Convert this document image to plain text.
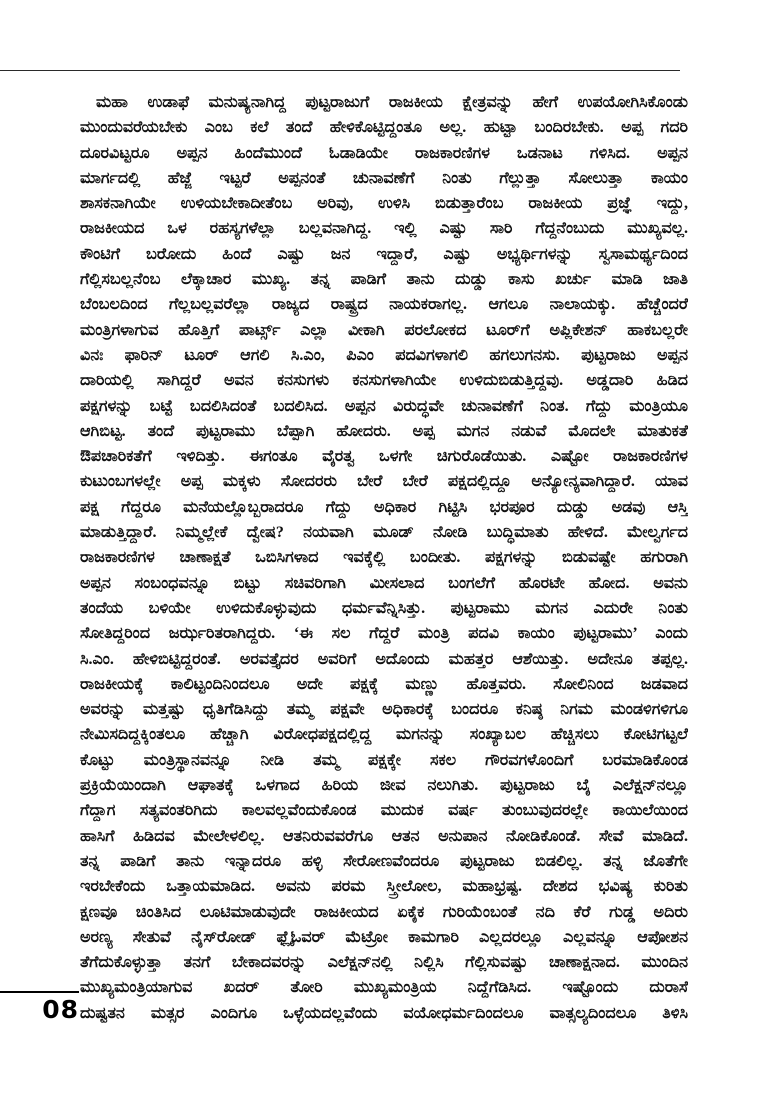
ಮಹಾ ಉಡಾಫೆ ಮನುಷ್ಯನಾಗಿದ್ದ ಪುಟ್ಟರಾಜುಗೆ ರಾಜಕೀಯ ಕ್ಷೇತ್ರವನ್ನು ಹೇಗೆ ಉಪಯೋಗಿಸಿಕೊಂಡು
ಮುಂದುವರೆಯಬೇಕು ಎಂಬ ಕಲೆ ತಂದೆ ಹೇಳಿಕೊಟ್ಟಿದ್ದಂತೂ ಅಲ್ಲ. ಹುಟ್ಟಾ ಬಂದಿರಬೇಕು. ಅಪ್ಪ ಗದರಿ
ದೂರವಿಟ್ಟರೂ ಅಪ್ಪನ ಹಿಂದೆಮುಂದೆ ಓಡಾಡಿಯೇ ರಾಜಕಾರಣಿಗಳ ಒಡನಾಟ ಗಳಿಸಿದ. ಅಪ್ಪನ
ಮಾರ್ಗದಲ್ಲಿ ಹೆಜ್ಜೆ ಇಟ್ಟರೆ ಅಪ್ಪನಂತೆ ಚುನಾವಣೆಗೆ ನಿಂತು ಗೆಲ್ಲುತ್ತಾ ಸೋಲುತ್ತಾ ಕಾಯಂ
ಶಾಸಕನಾಗಿಯೇ ಉಳಿಯಬೇಕಾದೀತೆಂಬ ಅರಿವು, ಉಳಿಸಿ ಬಿಡುತ್ತಾರೆಂಬ ರಾಜಕೀಯ ಪ್ರಜ್ಞೆ ಇದ್ದು,
ರಾಜಕೀಯದ ಒಳ ರಹಸ್ಯಗಳೆಲ್ಲಾ ಬಲ್ಲವನಾಗಿದ್ದ. ಇಲ್ಲಿ ಎಷ್ಟು ಸಾರಿ ಗೆದ್ದನೆಂಬುದು ಮುಖ್ಯವಲ್ಲ.
ಕೌಂಟಿಗೆ ಬರೋದು ಹಿಂದೆ ಎಷ್ಟು ಜನ ಇದ್ದಾರೆ, ಎಷ್ಟು ಅಭ್ಯರ್ಥಿಗಳನ್ನು ಸ್ವಸಾಮರ್ಥ್ಯದಿಂದ
ಗೆಲ್ಲಿಸಬಲ್ಲನೆಂಬ ಲೆಕ್ಕಾಚಾರ ಮುಖ್ಯ. ತನ್ನ ಪಾಡಿಗೆ ತಾನು ದುಡ್ಡು ಕಾಸು ಖರ್ಚು ಮಾಡಿ ಜಾತಿ
ಬೆಂಬಲದಿಂದ ಗೆಲ್ಲಬಲ್ಲವರೆಲ್ಲಾ ರಾಜ್ಯದ ರಾಷ್ಟ್ರದ ನಾಯಕರಾಗಲ್ಲ. ಆಗಲೂ ನಾಲಾಯಕ್ಕು. ಹೆಚ್ಚೆಂದರೆ
ಮಂತ್ರಿಗಳಾಗುವ ಹೊತ್ತಿಗೆ ಪಾರ್ಟ್ಸ್ ಎಲ್ಲಾ ವೀಕಾಗಿ ಪರಲೋಕದ ಟೂರ್‌ಗೆ ಅಪ್ಲಿಕೇಶನ್ ಹಾಕಬಲ್ಲರೇ
ವಿನಃ ಫಾರಿನ್ ಟೂರ್ ಆಗಲಿ ಸಿ.ಎಂ, ಪಿಎಂ ಪದವಿಗಳಾಗಲಿ ಹಗಲುಗನಸು. ಪುಟ್ಟರಾಜು ಅಪ್ಪನ
ದಾರಿಯಲ್ಲಿ ಸಾಗಿದ್ದರೆ ಅವನ ಕನಸುಗಳು ಕನಸುಗಳಾಗಿಯೇ ಉಳಿದುಬಿಡುತ್ತಿದ್ದವು. ಅಡ್ಡದಾರಿ ಹಿಡಿದ
ಪಕ್ಷಗಳನ್ನು ಬಟ್ಟೆ ಬದಲಿಸಿದಂತೆ ಬದಲಿಸಿದ. ಅಪ್ಪನ ವಿರುದ್ಧವೇ ಚುನಾವಣೆಗೆ ನಿಂತ. ಗೆದ್ದು ಮಂತ್ರಿಯೂ
ಆಗಿಬಿಟ್ಟ. ತಂದೆ ಪುಟ್ಟರಾಮು ಬೆಪ್ಪಾಗಿ ಹೋದರು. ಅಪ್ಪ ಮಗನ ನಡುವೆ ಮೊದಲೇ ಮಾತುಕತೆ
ಔಪಚಾರಿಕತೆಗೆ ಇಳಿದಿತ್ತು. ಈಗಂತೂ ವೈರತ್ವ ಒಳಗೇ ಚಿಗುರೊಡೆಯಿತು. ಎಷ್ಟೋ ರಾಜಕಾರಣಿಗಳ
ಕುಟುಂಬಗಳಲ್ಲೇ ಅಪ್ಪ ಮಕ್ಕಳು ಸೋದರರು ಬೇರೆ ಬೇರೆ ಪಕ್ಷದಲ್ಲಿದ್ದೂ ಅನ್ಯೋನ್ಯವಾಗಿದ್ದಾರೆ. ಯಾವ
ಪಕ್ಷ ಗೆದ್ದರೂ ಮನೆಯಲ್ಲೊಬ್ಬರಾದರೂ ಗೆದ್ದು ಅಧಿಕಾರ ಗಿಟ್ಟಿಸಿ ಭರಪೂರ ದುಡ್ಡು ಅಡವು ಆಸ್ತಿ
ಮಾಡುತ್ತಿದ್ದಾರೆ. ನಿಮ್ಮಲ್ಲೇಕೆ ದ್ವೇಷ? ನಯವಾಗಿ ಮೂಡ್ ನೋಡಿ ಬುದ್ಧಿಮಾತು ಹೇಳಿದೆ. ಮೇಲ್ವರ್ಗದ
ರಾಜಕಾರಣಿಗಳ ಚಾಣಾಕ್ಷತೆ ಒಬಿಸಿಗಳಾದ ಇವಕ್ಕೆಲ್ಲಿ ಬಂದೀತು. ಪಕ್ಷಗಳನ್ನು ಬಿಡುವಷ್ಟೇ ಹಗುರಾಗಿ
ಅಪ್ಪನ ಸಂಬಂಧವನ್ನೂ ಬಿಟ್ಟು ಸಚಿವರಿಗಾಗಿ ಮೀಸಲಾದ ಬಂಗಲೆಗೆ ಹೊರಟೇ ಹೋದ. ಅವನು
ತಂದೆಯ ಬಳಿಯೇ ಉಳಿದುಕೊಳ್ಳುವುದು ಧರ್ಮವೆನ್ನಿಸಿತ್ತು. ಪುಟ್ಟರಾಮು ಮಗನ ಎದುರೇ ನಿಂತು
ಸೋತಿದ್ದರಿಂದ ಜರ್ಝರಿತರಾಗಿದ್ದರು. ‘ಈ ಸಲ ಗೆದ್ದರೆ ಮಂತ್ರಿ ಪದವಿ ಕಾಯಂ ಪುಟ್ಟರಾಮು’ ಎಂದು
ಸಿ.ಎಂ. ಹೇಳಿಬಿಟ್ಟಿದ್ದರಂತೆ. ಅರವತ್ತೈದರ ಅವರಿಗೆ ಅದೊಂದು ಮಹತ್ತರ ಆಶೆಯಿತ್ತು. ಅದೇನೂ ತಪ್ಪಲ್ಲ.
ರಾಜಕೀಯಕ್ಕೆ ಕಾಲಿಟ್ಟಂದಿನಿಂದಲೂ ಅದೇ ಪಕ್ಷಕ್ಕೆ ಮಣ್ಣು ಹೊತ್ತವರು. ಸೋಲಿನಿಂದ ಜಡವಾದ
ಅವರನ್ನು ಮತ್ತಷ್ಟು ಧೃತಿಗೆಡಿಸಿದ್ದು ತಮ್ಮ ಪಕ್ಷವೇ ಅಧಿಕಾರಕ್ಕೆ ಬಂದರೂ ಕನಿಷ್ಠ ನಿಗಮ ಮಂಡಳಿಗಳಿಗೂ
ನೇಮಿಸದಿದ್ದಕ್ಕಿಂತಲೂ ಹೆಚ್ಚಾಗಿ ವಿರೋಧಪಕ್ಷದಲ್ಲಿದ್ದ ಮಗನನ್ನು ಸಂಖ್ಯಾಬಲ ಹೆಚ್ಚಿಸಲು ಕೋಟಿಗಟ್ಟಲೆ
ಕೊಟ್ಟು ಮಂತ್ರಿಸ್ಥಾನವನ್ನೂ ನೀಡಿ ತಮ್ಮ ಪಕ್ಷಕ್ಕೇ ಸಕಲ ಗೌರವಗಳೊಂದಿಗೆ ಬರಮಾಡಿಕೊಂಡ
ಪ್ರಕ್ರಿಯೆಯಿಂದಾಗಿ ಆಘಾತಕ್ಕೆ ಒಳಗಾದ ಹಿರಿಯ ಜೀವ ನಲುಗಿತು. ಪುಟ್ಟರಾಜು ಬೈ ಎಲೆಕ್ಷನ್‌ನಲ್ಲೂ
ಗೆದ್ದಾಗ ಸತ್ಯವಂತರಿಗಿದು ಕಾಲವಲ್ಲವೆಂದುಕೊಂಡ ಮುದುಕ ವರ್ಷ ತುಂಬುವುದರಲ್ಲೇ ಕಾಯಿಲೆಯಿಂದ
ಹಾಸಿಗೆ ಹಿಡಿದವ ಮೇಲೇಳಲಿಲ್ಲ. ಆತನಿರುವವರೆಗೂ ಆತನ ಅನುಪಾನ ನೋಡಿಕೊಂಡೆ. ಸೇವೆ ಮಾಡಿದೆ.
ತನ್ನ ಪಾಡಿಗೆ ತಾನು ಇನ್ನಾದರೂ ಹಳ್ಳಿ ಸೇರೋಣವೆಂದರೂ ಪುಟ್ಟರಾಜು ಬಿಡಲಿಲ್ಲ. ತನ್ನ ಜೊತೆಗೇ
ಇರಬೇಕೆಂದು ಒತ್ತಾಯಮಾಡಿದ. ಅವನು ಪರಮ ಸ್ತ್ರೀಲೋಲ, ಮಹಾಭ್ರಷ್ಟ. ದೇಶದ ಭವಿಷ್ಯ ಕುರಿತು
ಕ್ಷಣವೂ ಚಿಂತಿಸಿದ ಲೂಟಿಮಾಡುವುದೇ ರಾಜಕೀಯದ ಏಕೈಕ ಗುರಿಯೆಂಬಂತೆ ನದಿ ಕೆರೆ ಗುಡ್ಡ ಅದಿರು
ಅರಣ್ಯ ಸೇತುವೆ ನೈಸ್‌ರೋಡ್ ಫ್ಲೈಓವರ್ ಮೆಟ್ರೋ ಕಾಮಗಾರಿ ಎಲ್ಲದರಲ್ಲೂ ಎಲ್ಲವನ್ನೂ ಆಪೋಶನ
ತೆಗೆದುಕೊಳ್ಳುತ್ತಾ ತನಗೆ ಬೇಕಾದವರನ್ನು ಎಲೆಕ್ಷನ್‌ನಲ್ಲಿ ನಿಲ್ಲಿಸಿ ಗೆಲ್ಲಿಸುವಷ್ಟು ಚಾಣಾಕ್ಷನಾದ. ಮುಂದಿನ
ಮುಖ್ಯಮಂತ್ರಿಯಾಗುವ ಖದರ್ ತೋರಿ ಮುಖ್ಯಮಂತ್ರಿಯ ನಿದ್ದೆಗೆಡಿಸಿದ. ಇಷ್ಟೊಂದು ದುರಾಸೆ
ದುಷ್ಟತನ ಮತ್ಸರ ಎಂದಿಗೂ ಒಳ್ಳೆಯದಲ್ಲವೆಂದು ವಯೋಧರ್ಮದಿಂದಲೂ ವಾತ್ಸಲ್ಯದಿಂದಲೂ ತಿಳಿಸಿ
08
